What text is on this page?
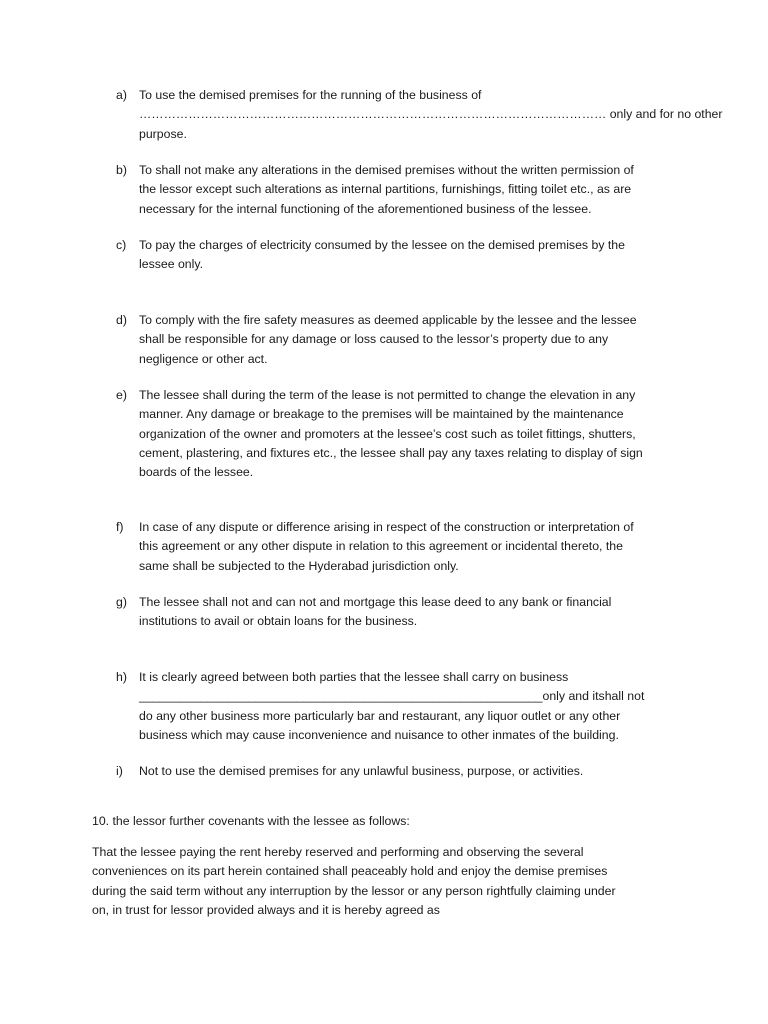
a) To use the demised premises for the running of the business of
…………………………………………………………………………………………………… only and for no other
purpose.
b) To shall not make any alterations in the demised premises without the written permission of
the lessor except such alterations as internal partitions, furnishings, fitting toilet etc., as are
necessary for the internal functioning of the aforementioned business of the lessee.
c) To pay the charges of electricity consumed by the lessee on the demised premises by the
lessee only.
d) To comply with the fire safety measures as deemed applicable by the lessee and the lessee
shall be responsible for any damage or loss caused to the lessor’s property due to any
negligence or other act.
e) The lessee shall during the term of the lease is not permitted to change the elevation in any
manner. Any damage or breakage to the premises will be maintained by the maintenance
organization of the owner and promoters at the lessee’s cost such as toilet fittings, shutters,
cement, plastering, and fixtures etc., the lessee shall pay any taxes relating to display of sign
boards of the lessee.
f) In case of any dispute or difference arising in respect of the construction or interpretation of
this agreement or any other dispute in relation to this agreement or incidental thereto, the
same shall be subjected to the Hyderabad jurisdiction only.
g) The lessee shall not and can not and mortgage this lease deed to any bank or financial
institutions to avail or obtain loans for the business.
h) It is clearly agreed between both parties that the lessee shall carry on business
___________________________________________________________only and itshall not
do any other business more particularly bar and restaurant, any liquor outlet or any other
business which may cause inconvenience and nuisance to other inmates of the building.
i) Not to use the demised premises for any unlawful business, purpose, or activities.
10. the lessor further covenants with the lessee as follows:
That the lessee paying the rent hereby reserved and performing and observing the several
conveniences on its part herein contained shall peaceably hold and enjoy the demise premises
during the said term without any interruption by the lessor or any person rightfully claiming under
on, in trust for lessor provided always and it is hereby agreed as
